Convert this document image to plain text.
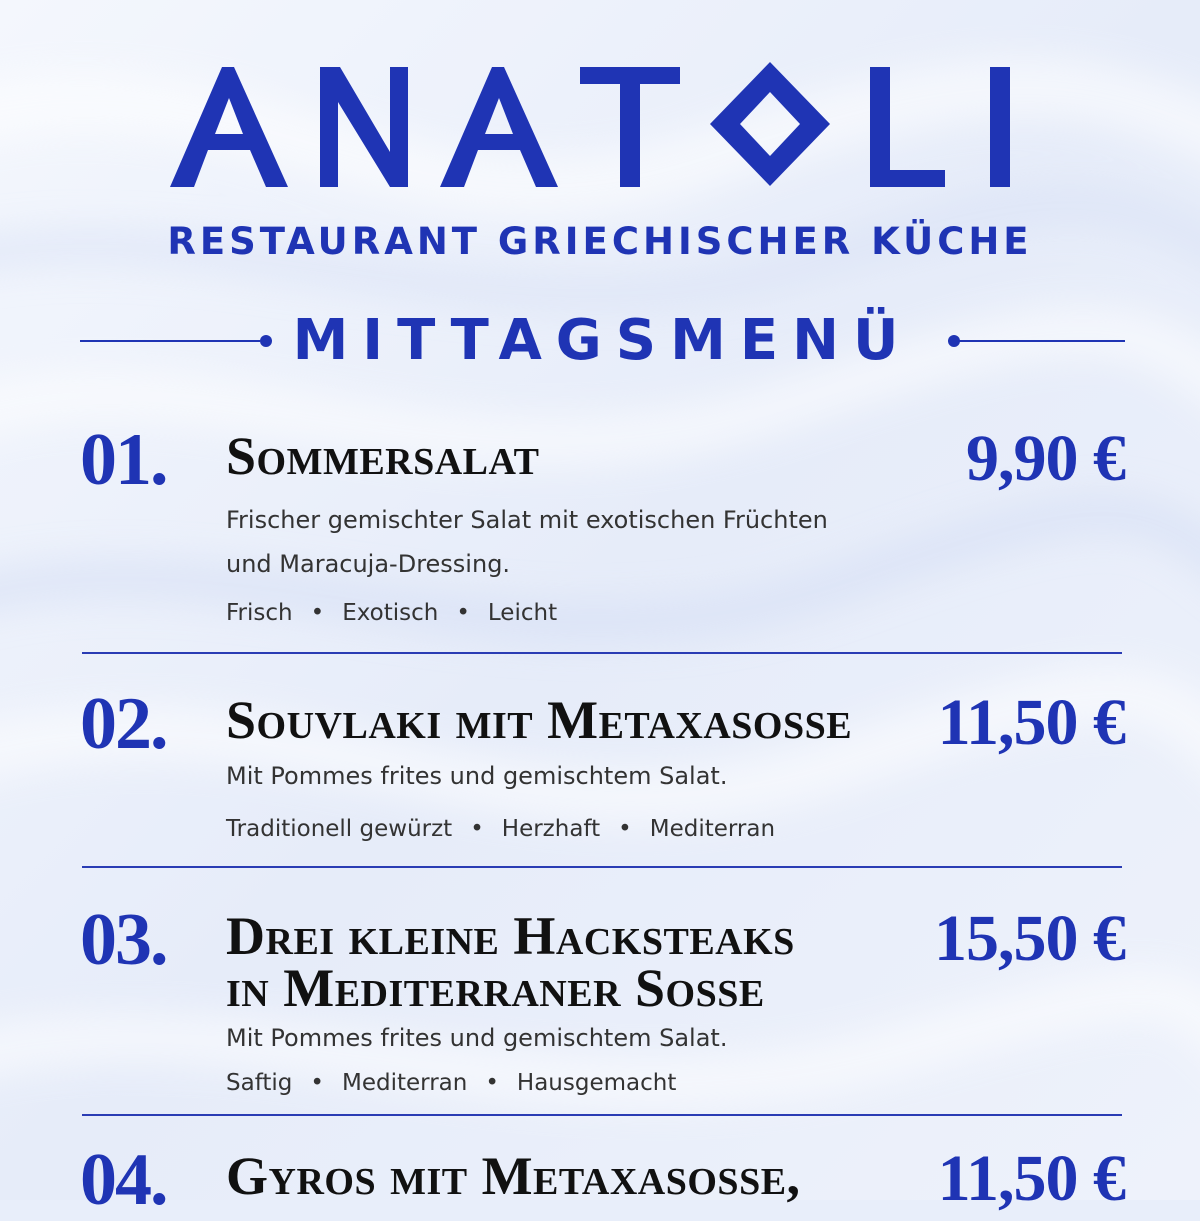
RESTAURANT GRIECHISCHER KÜCHE
MITTAGSMENÜ
01. Sommersalat	9,90 €
Frischer gemischter Salat mit exotischen Früchten und Maracuja-Dressing.
Frisch • Exotisch • Leicht
02. Souvlaki mit Metaxasosse 11,50 €
Mit Pommes frites und gemischtem Salat.
Traditionell gewürzt • Herzhaft • Mediterran
03. Drei kleine Hacksteaks
in Mediterraner Sosse
15,50 €
Mit Pommes frites und gemischtem Salat.
Saftig • Mediterran • Hausgemacht
04. Gyros mit Metaxasosse, 11,50 €
